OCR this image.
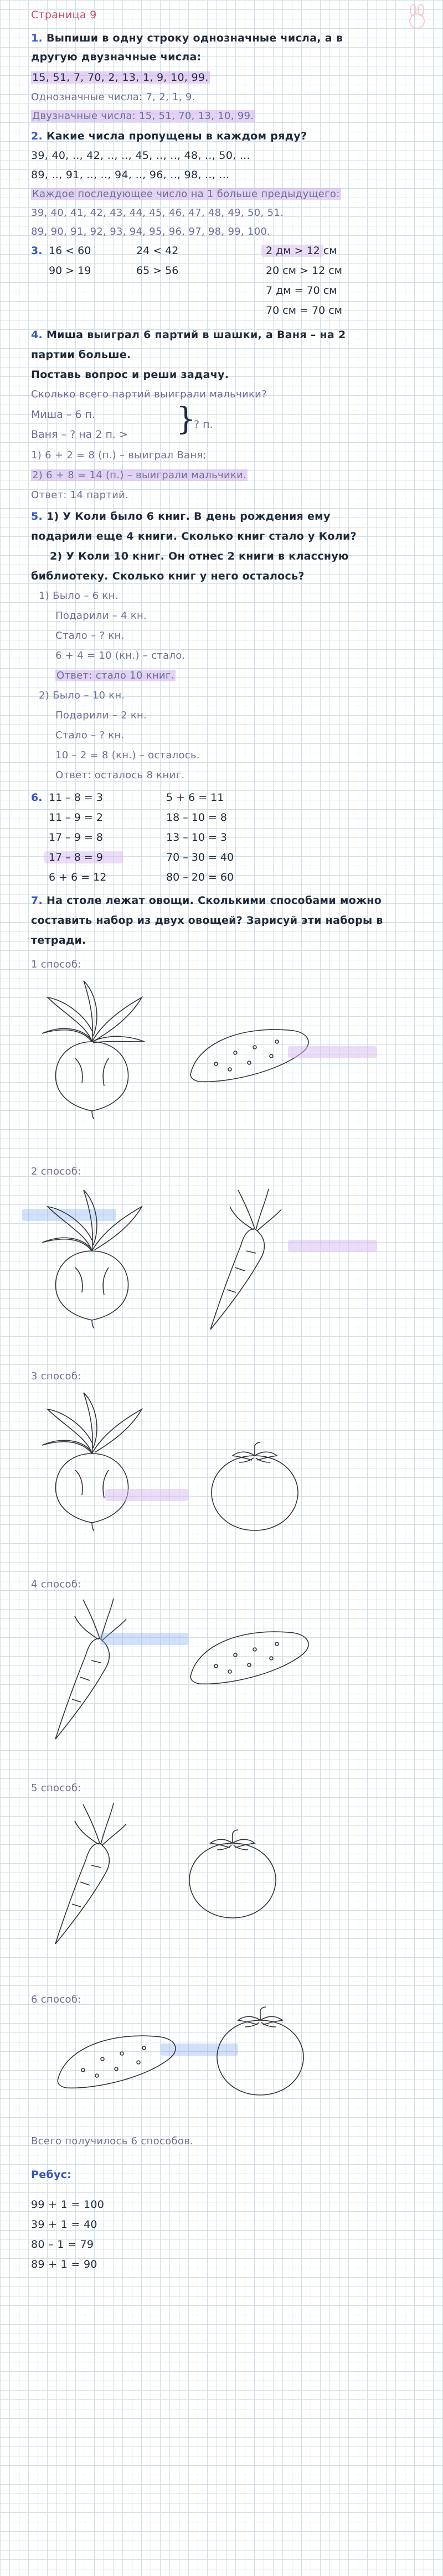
Страница 9
1. Выпиши в одну строку однозначные числа, а в
другую двузначные числа:
15, 51, 7, 70, 2, 13, 1, 9, 10, 99.
Однозначные числа: 7, 2, 1, 9.
Двузначные числа: 15, 51, 70, 13, 10, 99.
2. Какие числа пропущены в каждом ряду?
39, 40, .., 42, .., .., 45, .., .., 48, .., 50, ...
89, .., 91, .., .., 94, .., 96, .., 98, .., ...
Каждое последующее число на 1 больше предыдущего:
39, 40, 41, 42, 43, 44, 45, 46, 47, 48, 49, 50, 51.
89, 90, 91, 92, 93, 94, 95, 96, 97, 98, 99, 100.
3. 16 < 60
90 > 19
24 < 42
65 > 56
2 дм > 12 см
20 см > 12 см
7 дм = 70 см
70 см = 70 см
4. Миша выиграл 6 партий в шашки, а Ваня – на 2
партии больше.
Поставь вопрос и реши задачу.
Сколько всего партий выиграли мальчики?
Миша – 6 п.
Ваня – ? на 2 п. > }
? п.
1) 6 + 2 = 8 (п.) – выиграл Ваня;
2) 6 + 8 = 14 (п.) – выиграли мальчики.
Ответ: 14 партий.
5. 1) У Коли было 6 книг. В день рождения ему
подарили еще 4 книги. Сколько книг стало у Коли?
2) У Коли 10 книг. Он отнес 2 книги в классную
библиотеку. Сколько книг у него осталось?
1) Было – 6 кн.
Подарили – 4 кн.
Стало – ? кн.
6 + 4 = 10 (кн.) – стало.
Ответ: стало 10 книг.
2) Было – 10 кн.
Подарили – 2 кн.
Стало – ? кн.
10 – 2 = 8 (кн.) – осталось.
Ответ: осталось 8 книг.
6. 11 – 8 = 3
11 – 9 = 2
17 – 9 = 8
17 – 8 = 9
6 + 6 = 12
5 + 6 = 11
18 – 10 = 8
13 – 10 = 3
70 – 30 = 40
80 – 20 = 60
7. На столе лежат овощи. Сколькими способами можно
составить набор из двух овощей? Зарисуй эти наборы в
тетради.
1 способ:
2 способ:
3 способ:
4 способ:
5 способ:
6 способ:
Всего получилось 6 способов.
Ребус:
99 + 1 = 100
39 + 1 = 40
80 – 1 = 79
89 + 1 = 90
